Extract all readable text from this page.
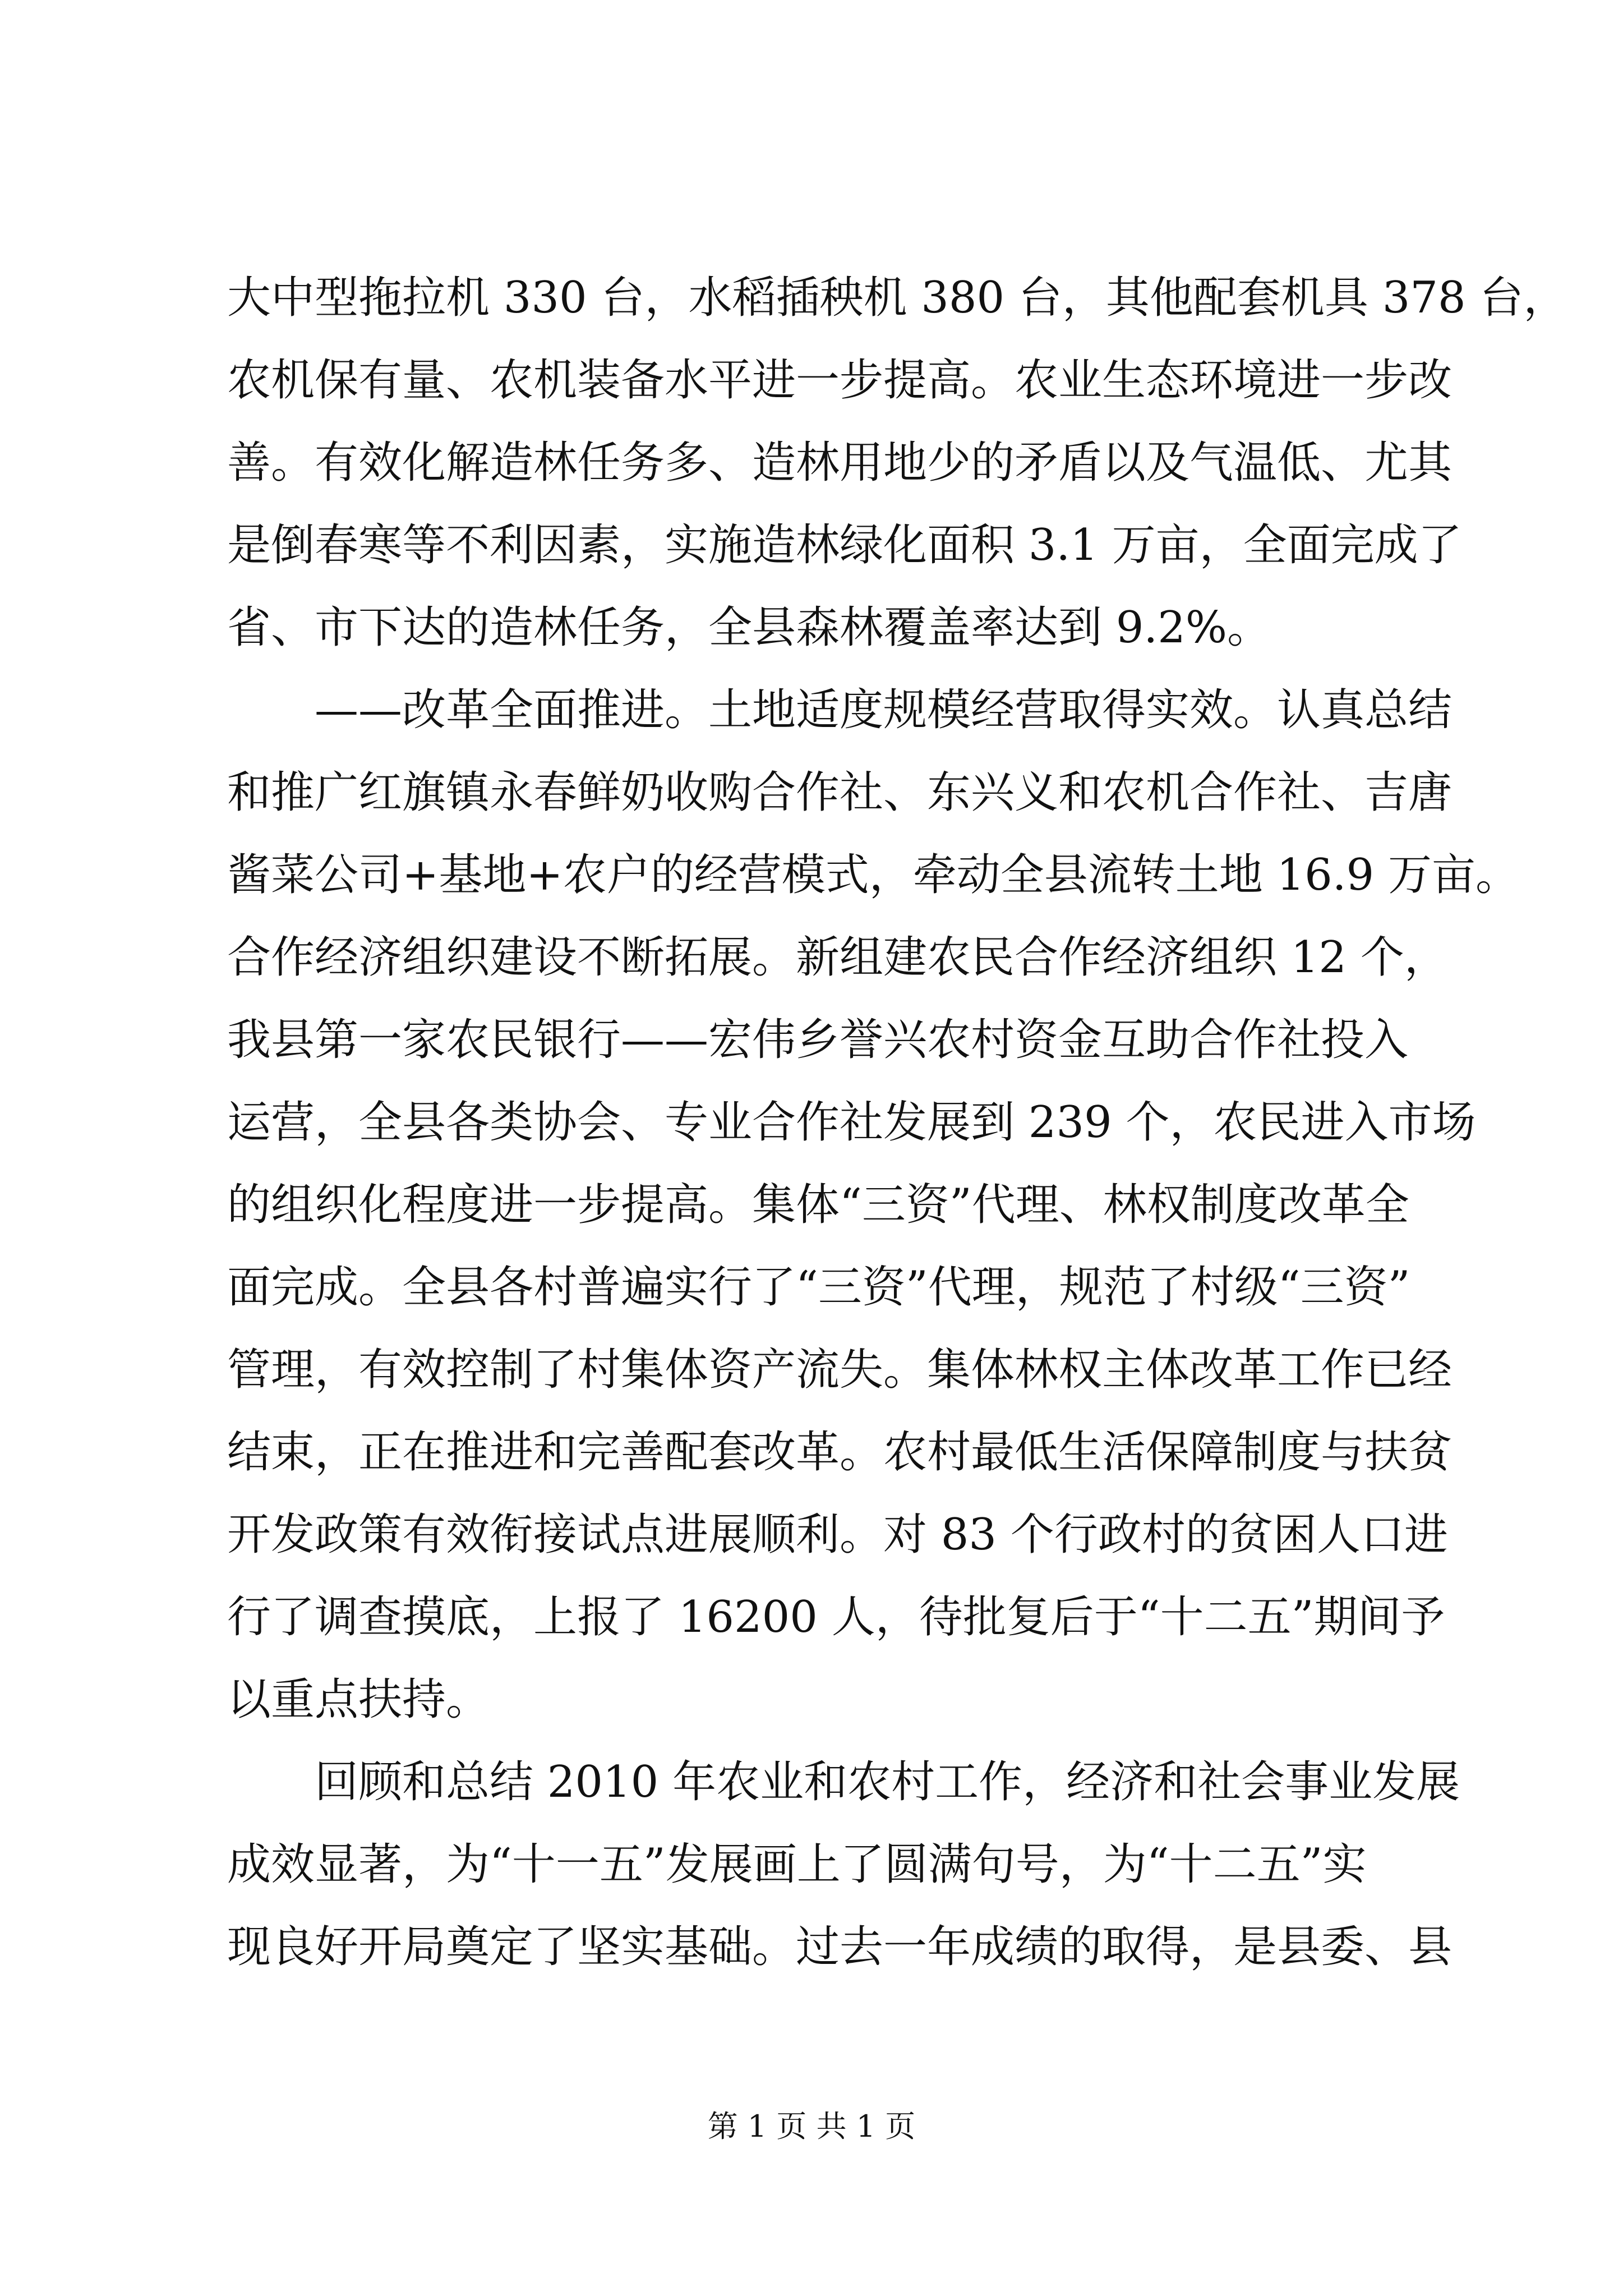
大中型拖拉机 330 台，水稻插秧机 380 台，其他配套机具 378 台，
农机保有量、农机装备水平进一步提高。农业生态环境进一步改
善。有效化解造林任务多、造林用地少的矛盾以及气温低、尤其
是倒春寒等不利因素，实施造林绿化面积 3.1 万亩，全面完成了
省、市下达的造林任务，全县森林覆盖率达到 9.2%。
　　——改革全面推进。土地适度规模经营取得实效。认真总结
和推广红旗镇永春鲜奶收购合作社、东兴义和农机合作社、吉唐
酱菜公司+基地+农户的经营模式，牵动全县流转土地 16.9 万亩。
合作经济组织建设不断拓展。新组建农民合作经济组织 12 个，
我县第一家农民银行——宏伟乡誉兴农村资金互助合作社投入
运营，全县各类协会、专业合作社发展到 239 个，农民进入市场
的组织化程度进一步提高。集体“三资”代理、林权制度改革全
面完成。全县各村普遍实行了“三资”代理，规范了村级“三资”
管理，有效控制了村集体资产流失。集体林权主体改革工作已经
结束，正在推进和完善配套改革。农村最低生活保障制度与扶贫
开发政策有效衔接试点进展顺利。对 83 个行政村的贫困人口进
行了调查摸底，上报了 16200 人，待批复后于“十二五”期间予
以重点扶持。
　　回顾和总结 2010 年农业和农村工作，经济和社会事业发展
成效显著，为“十一五”发展画上了圆满句号，为“十二五”实
现良好开局奠定了坚实基础。过去一年成绩的取得，是县委、县
第 1 页 共 1 页
